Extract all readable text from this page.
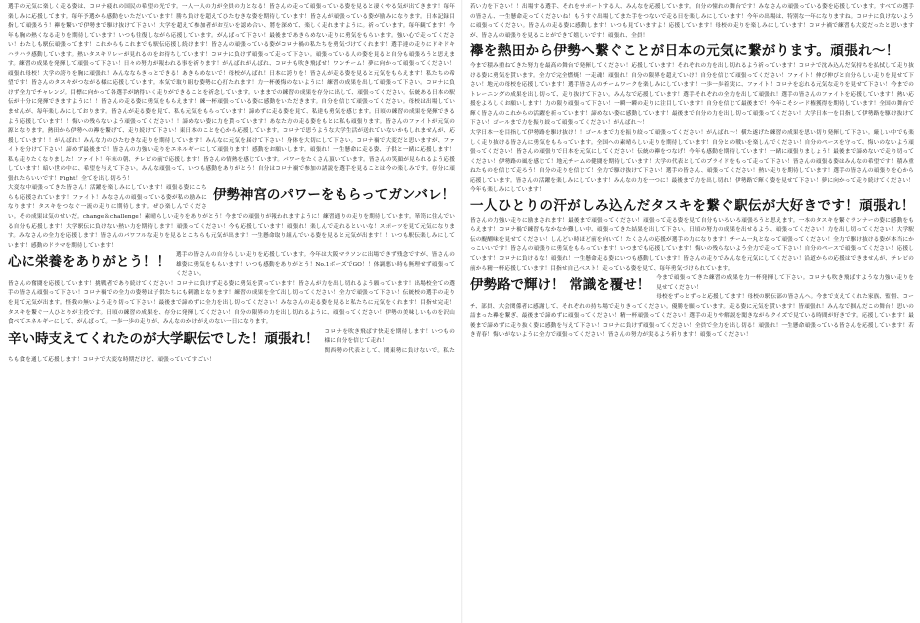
選手の元気に楽しく走る姿は、コロナ疲れの国民の希望の光です。一人一人の力が全員の力となる！皆さんの走って頑張っている姿を見ると凄くやる気が出てきます！毎年楽しみに応援してます。毎年予選から感動をいただいています！勝ち負けを超えてひたむきな姿を期待しています！皆さんが頑張っている姿が励みになります。日本記録目指して頑張ろう！襷を繋いで伊勢まで駆け抜けて下さい！大学を超えて参加者がお互いを認め合い、將を深めて、楽しく走れますように。祈っています。毎年観てます！今年も胸の熱くなる走りを期待しています！いつも往復しながら応援しています。がんばって下さい！最後まであきらめない走りに勇気をもらいます。強い心で走ってください！わたしも駅伝頑張ってます！これからもこれまでも駅伝応援し続けます！皆さんの頑張っている姿がコロナ禍の私たちを勇気づけてくれます！選手達の走りにドキドキハラハラ感動しています。熱いタスキリレーが見れるのをお待ちしています！コロナに負けず頑張って走って下さい。頑張っている人の姿を見ると自分も頑張ろうと思えます。練習の成果を発揮して頑張って下さい！日々の努力が報われる事を祈ります！がんばれがんばれ、コロナも吹き飛ばせ！ワンチーム！夢に向かって頑張ってください！頑張れ母校！大学の誇りを胸に頑張れ！みんなならきっとできる！あきらめないで！母校がんばれ！日本に誇りを！皆さんが走る姿を見ると元気をもらえます！私たちの希望です！皆さんのタスキがつながる様に応援しています。本気で取り組む姿勢に心打たれます！力一杯後悔のないように！練習の成果を出して頑張って下さい。コロナに負けず全力でチャレンジ。目標に向かって各選手が納得いく走りができることを祈念しています。いままでの練習の成果を存分に出して、頑張ってください。伝統ある日本の駅伝が十分に発揮できますように！！皆さんの走る姿に勇気をもらえます！練一杯頑張っている姿に感動をいただきます。自分を信じて頑張ってください。母校は出場していませんが、毎年楽しみにしております。皆さんが走る姿を見て、私も元気をもらっています！諦めずに走る姿を見て、私達も勇気を感じます。日頃の練習の成果を発揮できるよう応援しています！！悔いの残らないよう頑張ってください！！諦めない姿に力を貰っています！あなた方の走る姿をもとに私も頑張ります。皆さんのファイトが元気の源となります。熱田から伊勢への襷を繋げて、走り続けて下さい！東日本のことを心から応援しています。コロナで思うような大学生活が送れていないかもしれませんが、応援しています！！がんばれ！みんな力のひたむきな走りを期待しています！みんなに元気を届けて下さい！身体を大切にして下さい。コロナ禍で大変だと思いますが、ファイトを分けて下さい！諦めず最後まで！皆さんの力強い走りをエネルギーにして頑張ります！感動をお願いします。頑張れ！一生懸命に走る姿、子供と一緒に応援します！私も走りたくなりました！ファイト！年末の朝、テレビの前で応援します！皆さんの情熱を感じています。パワーをたくさん頂いています。皆さんの笑顔が見られるよう応援しています！暗い世の中に、希望を与えて下さい。みんな頑張って、いつも感動をありがとう！自分はコロナ禍で参加の諸説を選手を見ることは今の楽しみです。存分に頑張れたらいいです！Fight！全てを出し切ろう！

伊勢神宮のパワーをもらってガンバレ！

大変な中頑張ってきた皆さん！活躍を楽しみにしています！頑張る姿にこちらも応援されています！ファイト！みなさんの頑張っている姿が私の励みになります！タスキをつなぐ一流の走りに期待します。ぜひ楽しんでください。その成果は気のせいだ。change＆challenge！素晴らしい走りをありがとう！今までの頑張りが報われますように！練習通りの走りを期待しています。箪笥に住んでいる自分も応援します！大学駅伝に負けない熱い力を期待します！頑張ってください！今も応援しています！頑張れ！楽しんで走れるといいな！スポーツを見て元気になります。みなさんの全力を応援します！皆さんのパワフルな走りを見るとこちらも元気が出ます！一生懸命取り組んでいる姿を見ると元気が出ます！！いつも駅伝楽しみにしています！感動のドラマを期待しています！

心に栄養をありがとう！！	選手の皆さんの自分らしい走りを応援しています。今年は大阪マラソンに出場できず残念ですが、皆さんの雄姿に勇気をもらいます！いつも感動をありがとう！No.1ボーズでGO！！体調悪い時も無理せず頑張ってください。

皆さんの奮闘を応援しています！挑戦者であり続けてください！コロナに負けず走る姿に勇気を貰っています！皆さんが力を出し切れるよう願っています！出場校全ての選手の皆さん頑張って下さい！コロナ禍での全力の姿勢は子供たちにも刺激となります！練習の成果を全て出し切ってください！全力で頑張って下さい！伝統校の選手の走りを見て元気が出ます。怪我の無いよう走り切って下さい！最後まで諦めずに全力を出し切ってください！みなさんの走る姿を見ると私たちに元気をくれます！目指せ完走！タスキを繋ぐ一人ひとりが主役です。日頃の練習の成果を、存分に発揮してください！自分の限界の力を出し切れるように、頑張ってください！伊勢の美味しいものを沢山食べてエネルギーにして、がんばって。一歩一歩の走りが、みんなのかけがえのない一日になります。

辛い時支えてくれたのが大学駅伝でした！頑張れ！	コロナを吹き飛ばす快走を期待します！いつもの様に自分を信じて走れ！

関西勢の代表として、関東勢に負けないで。私たちも食を通して応援します！コロナで大変な時期だけど、頑張っていてすごい！

若い力を下さい！！出場する選手、それをサポートする人、みんなを応援しています。自分の憧れの舞台です！みなさんの頑張っている姿を応援しています。すべての選手の皆さん、一生懸命走ってくださいね！もうすぐ出場してまた手をつないで走る日を楽しみにしています！今年の出場は、特別な一年になりますね。コロナに負けないように頑張ってください。皆さんの走る姿に感動します！いつも見ていますよ！応援しています！母校の走りを楽しみにしています！コロナ禍で練習も大変だったと思いますが、皆さんの頑張りを見ることができて嬉しいです！頑張れ、全員！

襷を熱田から伊勢へ繋ぐことが日本の元気に繋がります。頑張れ〜！

今まで積み重ねてきた努力を最高の舞台で発揮してください！応援しています！それぞれの力を出し切れるよう祈っています！コロナで沈み込んだ気持ちを払拭して走り抜ける姿に勇気を貰います。全力で完全燃焼！一走魂！頑張れ！自分の限界を超えていけ！自分を信じて頑張ってください！ファイト！伸び伸びと自分らしい走りを見せて下さい！地元の母校を応援しています！選手皆さんのチームワークを楽しみにしています！一歩一歩着実に、ファイト！コロナを忘れる元気な走りを見せて下さい！今までのトレーニングの成果を出し切って、走り抜けて下さい。みんなで応援しています！選手それぞれの全力を出して頑張れ！選手の皆さんのファイトを応援しています！熱い応援をよろしくお願いします！力の限り頑張って下さい！一瞬一瞬の走りに注目しています！自分を信じて最後まで！今年こそシード権獲得を期待しています！全国の舞台で輝く皆さんのこれからの活躍を祈っています！諦めない姿に感動しています！最後まで自分の力を出し切って頑張ってください！大学日本一を目指して伊勢路を駆け抜けて下さい！ゴールまで力を振り絞って頑張ってください！がんばれ〜！

大学日本一を目指して伊勢路を駆け抜け！！ゴールまで力を振り絞って頑張ってください！がんばれ〜！横た遂げた練習の成果を思い切り発揮して下さい。厳しい中でも楽しく走り抜ける皆さんに勇気をもらっています。全国への素晴らしい走りを期待しています！自分との戦いを楽しんでください！自分のペースを守って、悔いのないよう頑張ってください！皆さんの頑張りで日本を元気にしてください！伝統の襷をつなげ！今年も感動を期待しています！一緒に頑張りましょう！最後まで諦めないで走り切ってください！伊勢路の風を感じて！地元チームの健闘を期待しています！大学の代表としてのプライドをもって走って下さい！皆さんの頑張る姿はみんなの希望です！積み重ねたものを信じて走ろう！自分の走りを信じて！全力で駆け抜けて下さい！選手の皆さん、頑張ってください！熱い走りを期待しています！選手の皆さんの頑張りを心から応援しています。皆さんの活躍を楽しみにしています！みんなの力を一つに！最後まで力を出し切れ！伊勢路で輝く姿を見せて下さい！夢に向かって走り続けてください！今年も楽しみにしています！

一人ひとりの汗がしみ込んだタスキを繋ぐ駅伝が大好きです！頑張れ！

皆さんの力強い走りに励まされます！最後まで頑張ってください！頑張って走る姿を見て自分もいろいろ頑張ろうと思えます。一本のタスキを繋ぐランナーの姿に感動をもらえます！コロナ禍で練習もなかなか難しい中、頑張ってきた結果を出して下さい。日頃の努力の成果を出せるよう、頑張ってください！力を出し切ってください！大学駅伝の醍醐味を見せてください！しんどい時ほど前を向いて！たくさんの応援が選手の力になります！チーム一丸となって頑張ってください！全力で駆け抜ける姿が本当にかっこいいです！皆さんの頑張りに勇気をもらっています！いつまでも応援しています！悔いの残らないよう全力で走って下さい！自分のペースで頑張ってください！応援しています！コロナに負けるな！頑張れ！一生懸命走る姿にいつも感動しています！皆さんの走りでみんなを元気にしてください！沿道からの応援はできませんが、テレビの前から精一杯応援しています！目指せ自己ベスト！走っている姿を見て、毎年勇気づけられています。

伊勢路で輝け！ 常識を覆せ！	今まで頑張ってきた練習の成果を力一杯発揮して下さい。コロナも吹き飛ばすような力強い走りを見せてください！

母校をずっとずっと応援してます！母校の駅伝部の皆さんへ。今まで支えてくれた家族、監督、コーチ、部員、大会関係者に感謝して、それぞれの持ち場で走りきってください。優勝を願っています。走る姿に元気を貰います！皆頑張れ！みんなで掴んだこの舞台！思いの詰まった襷を繋ぎ、最後まで諦めずに頑張ってください！精一杯頑張ってください！選手の走りや解説を聞きながらクイズで見ている時間が好きです。応援しています！最後まで諦めずに走り抜く姿に感動を与えて下さい！コロナに負けず頑張ってください！全員で全力を出し切る！頑張れ！一生懸命頑張っている皆さんを応援しています！若き青春！悔いがないように全力で頑張ってください！皆さんの努力が実るよう祈ります！頑張ってください！
